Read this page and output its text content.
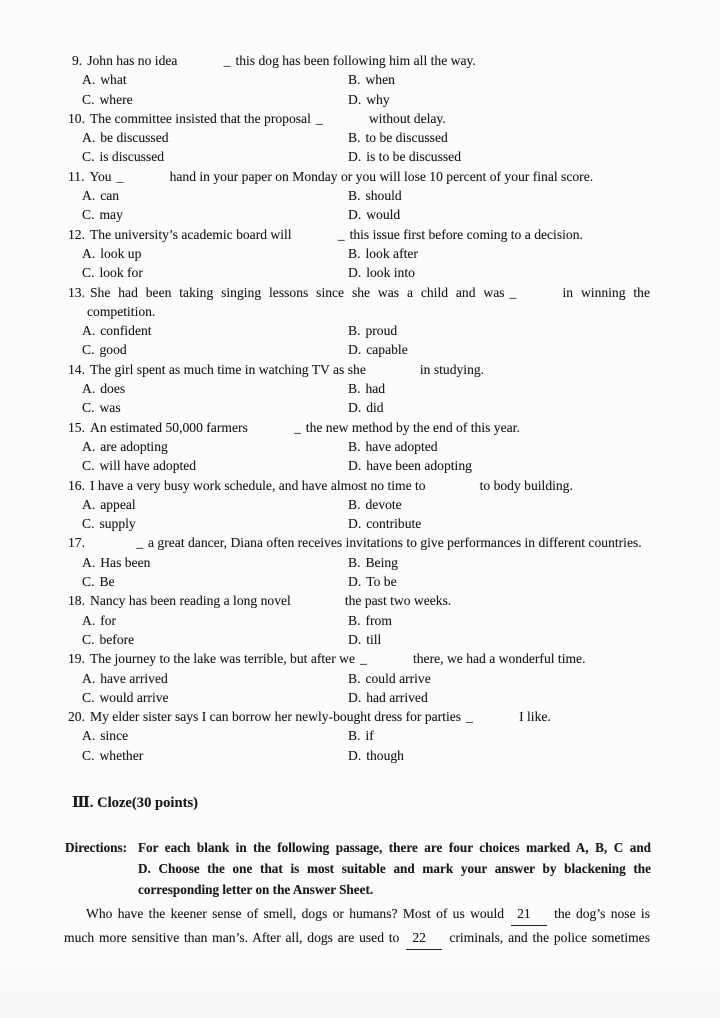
9. John has no idea	_ this dog has been following him all the way.
A. what	B. when
C. where	D. why
10. The committee insisted that the proposal _	without delay.
A. be discussed	B. to be discussed
C. is discussed	D. is to be discussed
11. You _	hand in your paper on Monday or you will lose 10 percent of your final score.
A. can	B. should
C. may	D. would
12. The university’s academic board will	_ this issue first before coming to a decision.
A. look up	B. look after
C. look for	D. look into
13. She had been taking singing lessons since she was a child and was _	in winning the competition.
A. confident	B. proud
C. good	D. capable
14. The girl spent as much time in watching TV as she	in studying.
A. does	B. had
C. was	D. did
15. An estimated 50,000 farmers	_ the new method by the end of this year.
A. are adopting	B. have adopted
C. will have adopted	D. have been adopting
16. I have a very busy work schedule, and have almost no time to	to body building.
A. appeal	B. devote
C. supply	D. contribute
17.	_ a great dancer, Diana often receives invitations to give performances in different countries.
A. Has been	B. Being
C. Be	D. To be
18. Nancy has been reading a long novel	the past two weeks.
A. for	B. from
C. before	D. till
19. The journey to the lake was terrible, but after we _	there, we had a wonderful time.
A. have arrived	B. could arrive
C. would arrive	D. had arrived
20. My elder sister says I can borrow her newly-bought dress for parties _	I like.
A. since	B. if
C. whether	D. though
Ⅲ. Cloze(30 points)
Directions: For each blank in the following passage, there are four choices marked A, B, C and
D. Choose the one that is most suitable and mark your answer by blackening the
corresponding letter on the Answer Sheet.
Who have the keener sense of smell, dogs or humans? Most of us would 21 the dog’s nose is much more sensitive than man’s. After all, dogs are used to 22 criminals, and the police sometimes
